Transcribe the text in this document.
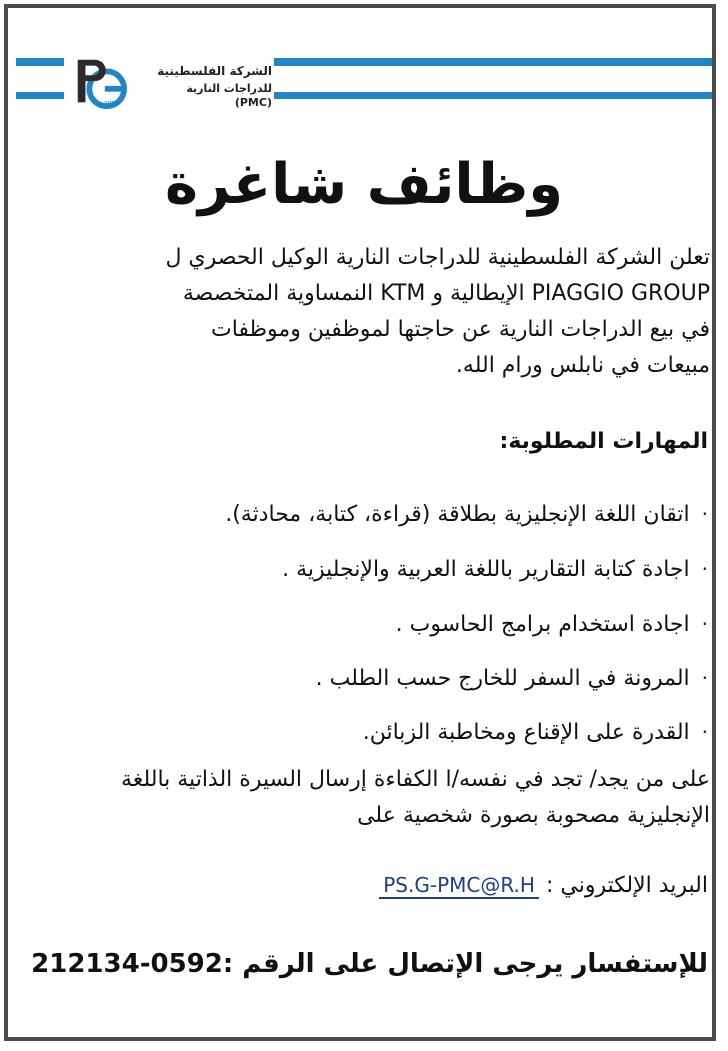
PMC
الشركة الفلسطينية
للدراجات النارية (PMC)
وظائف شاغرة
تعلن الشركة الفلسطينية للدراجات النارية الوكيل الحصري ل
PIAGGIO GROUP الإيطالية و KTM النمساوية المتخصصة
في بيع الدراجات النارية عن حاجتها لموظفين وموظفات
مبيعات في نابلس ورام الله.
المهارات المطلوبة:
·اتقان اللغة الإنجليزية بطلاقة (قراءة، كتابة، محادثة).
·اجادة كتابة التقارير باللغة العربية والإنجليزية .
·اجادة استخدام برامج الحاسوب .
·المرونة في السفر للخارج حسب الطلب .
·القدرة على الإقناع ومخاطبة الزبائن.
على من يجد/ تجد في نفسه/ا الكفاءة إرسال السيرة الذاتية باللغة
الإنجليزية مصحوبة بصورة شخصية على
البريد الإلكتروني : PS.G-PMC@R.H
للإستفسار يرجى الإتصال على الرقم :0592-212134
